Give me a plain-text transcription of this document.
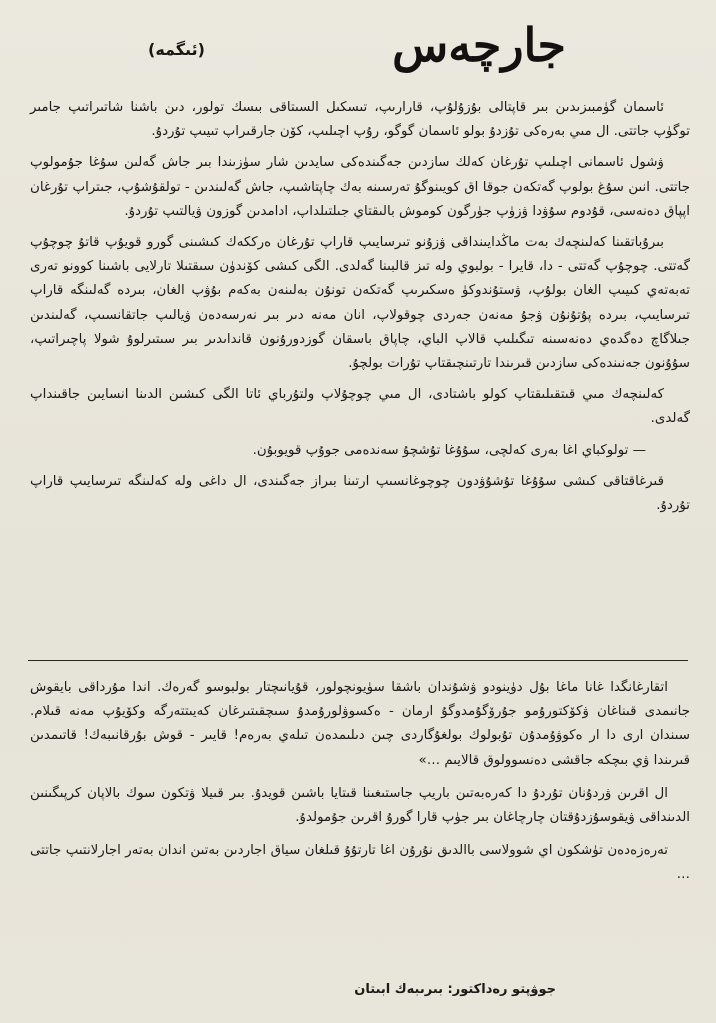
جارچەس
(ئىگمە)

ئاسمان گۈمبىزىدىن بىر قاپتالى بۇزۇلۇپ، قارارىپ، تىسكىل السىتاقى بىسك تولور، دىن باشنا شاتىراتىپ جامىر توگۈپ جاتتى. ال مىي بەرەكى تۇزدۇ بولو ئاسمان گوگو، رۇپ اچىلىپ، كۆن جارقىراپ تىيىپ تۇردۇ.

ۋشول ئاسمانى اچىلىپ تۇرغان كەلك سازدىن جەگىندەكى سايدىن شار سۈزىندا بىر جاش گەلىن سۇغا جۇمولوپ جاتتى. انىن سۇغ بولوپ گەتكەن جوقا اق كويىنوگۇ تەرسىنە بەك چاپتاشىپ، جاش گەلىندىن - تولقۇشۇپ، جىتراپ تۇرغان اپپاق دەنەسى، قۇدوم سۇۋدا ۋزۈپ جۈرگون كوموش بالىقتاي جىلتىلداپ، ادامدىن گوزون ۋيالتىپ تۇردۇ.

بىرۇباتقىنا كەلىنچەك بەت ماڭدايىنداقى ۋزۇنو تىرسايىپ قاراپ تۇرغان ەرككەك كىشىنى گورو قويۇپ قاتۇ چوچۇپ گەتتى. چوچۇپ گەتتى - دا، قايرا - بولبوي ولە تىز قالبىنا گەلدى. الگى كىشى كۆندۈن سىقتىلا تارلايى باشىنا كوونو تەرى تەبەتەي كىيىپ الغان بولۇپ، ۋستۇندوكۈ ەسكىرىپ گەتكەن تونۇن بەلىنەن بەكەم بۇۋپ الغان، بىردە گەلىنگە قاراپ تىرسايىپ، بىردە پۇتۇنۇن ۋجۇ مەنەن جەردى چوقولاپ، انان مەنە دىر بىر نەرسەدەن ۋيالىپ جاتقانسىپ، گەلىندىن جىلاگاچ دەگدەي دەنەسىنە تىگىلىپ قالاپ الباي، چاپاق باسقان گوزدورۇنون قانداىدىر بىر سىتىرلوۇ شولا پاچىراتىپ، سۇۇنون جەنىندەكى سازدىن قىرىندا تارتىنچىقتاپ تۇرات بولچۇ.

كەلىنچەك مىي قىتقىلىقتاپ كولو باشتادى، ال مىي چوچۇلاپ ولتۇرباي ئاتا الگى كىشىن الدىنا انسايىن جاقىنداپ گەلدى.

— تولوكباي اغا بەرى كەلچى، سۇۇغا تۇشچۇ سەندەمى جوۇپ قويوبۇن.

قىرغاقتاقى كىشى سۇۇغا تۇشۇۋدون چوچوغانسىپ ارتىنا بىراز جەگىندى، ال داغى ولە كەلىنگە تىرسايىپ قاراپ تۇردۇ.

اتقارغانگدا غانا ماغا بۇل دۈينودو ۋشۇندان باشقا سۈيونچولور، قۇيانىچتار بولبوسو گەرەك. اندا مۇرداقى بايقوش جانىمدى قىناغان ۋكۆكتورۇمو جۇرۆگۇمدوگۇ ارمان - ەكسوۋلورۇمدۇ سىچقىتىرغان كەيىتتەرگە وكۆيۇپ مەنە قىلام. سىندان ارى دا ار ەكوۋۇمدۇن تۇبولوك بولغۇگاردى چىن دىلىمدەن تىلەي بەرەم! قايىر - قوش بۇرقانىبەك! قاتىمدىن قىرىندا ۋي بىچكە جاقشى دەنسوولوق قالايىم …»

ال اقرىن ۋردۇنان تۇردۇ دا كەرەبەتىن باريپ جاستىغىنا قىتايا باشىن قويدۇ. بىر قىيلا ۋتكون سوك بالاپان كرپىگىنىن الدىنداقى ۋيقوسۇزدۇقتان چارچاغان بىر جۈپ قارا گورۇ اقرىن جۇمولدۇ.

تەرەزەدەن تۈشكون اي شوولاسى باالدىق نۇرۇن اغا تارتۇۇ قىلغان سياق اجاردىن بەتىن اندان بەتەر اجارلانتىپ جاتتى …

جوۋپتو رەداكتور: بىرىبەك ابىتان
